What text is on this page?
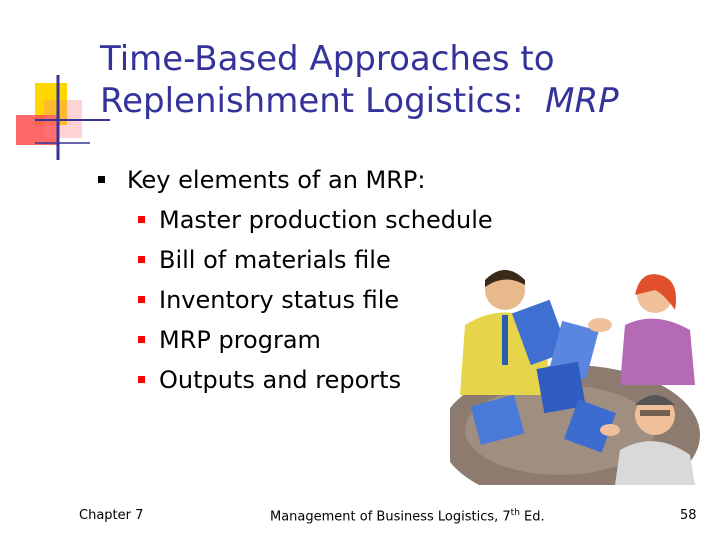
Time-Based Approaches to
Replenishment Logistics: MRP
Key elements of an MRP:
Master production schedule
Bill of materials file
Inventory status file
MRP program
Outputs and reports
Chapter 7	Management of Business Logistics, 7th Ed.	58
